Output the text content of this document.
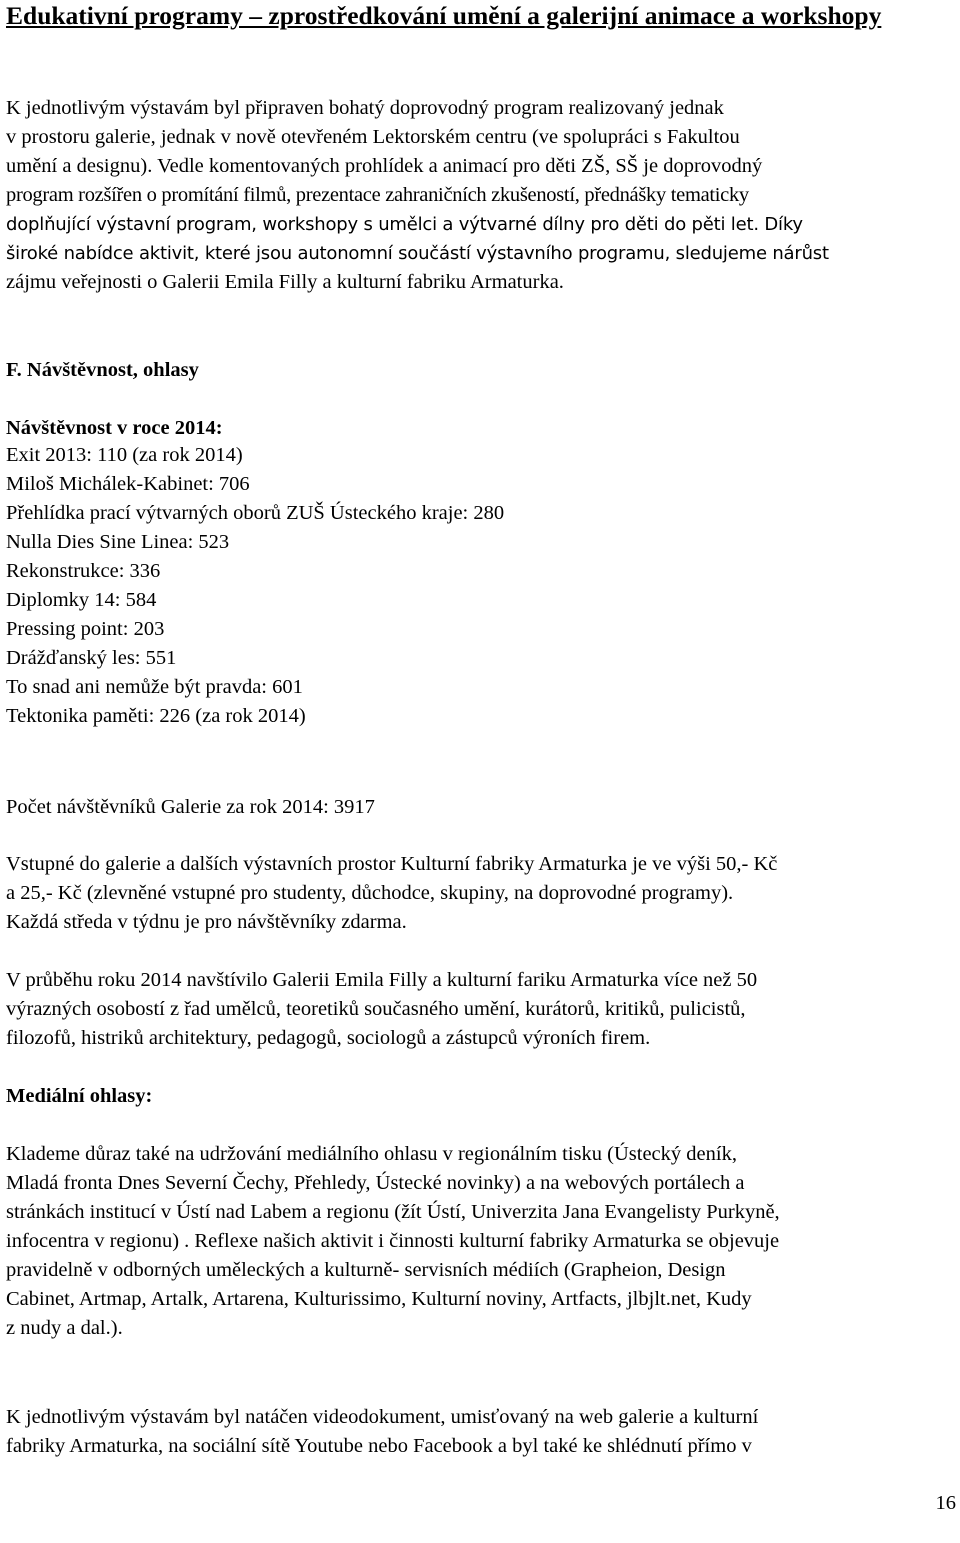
Edukativní programy – zprostředkování umění a galerijní animace a workshopy
K jednotlivým výstavám byl připraven bohatý doprovodný program realizovaný jednak
v prostoru galerie, jednak v nově otevřeném Lektorském centru (ve spolupráci s Fakultou
umění a designu). Vedle komentovaných prohlídek a animací pro děti ZŠ, SŠ je doprovodný
program rozšířen o promítání filmů, prezentace zahraničních zkušeností, přednášky tematicky
doplňující výstavní program, workshopy s umělci a výtvarné dílny pro děti do pěti let. Díky
široké nabídce aktivit, které jsou autonomní součástí výstavního programu, sledujeme nárůst
zájmu veřejnosti o Galerii Emila Filly a kulturní fabriku Armaturka.
F. Návštěvnost, ohlasy
Návštěvnost v roce 2014:
Exit 2013: 110 (za rok 2014)
Miloš Michálek-Kabinet: 706
Přehlídka prací výtvarných oborů ZUŠ Ústeckého kraje: 280
Nulla Dies Sine Linea: 523
Rekonstrukce: 336
Diplomky 14: 584
Pressing point: 203
Drážďanský les: 551
To snad ani nemůže být pravda: 601
Tektonika paměti: 226 (za rok 2014)
Počet návštěvníků Galerie za rok 2014: 3917
Vstupné do galerie a dalších výstavních prostor Kulturní fabriky Armaturka je ve výši 50,- Kč
a 25,- Kč (zlevněné vstupné pro studenty, důchodce, skupiny, na doprovodné programy).
Každá středa v týdnu je pro návštěvníky zdarma.
V průběhu roku 2014 navštívilo Galerii Emila Filly a kulturní fariku Armaturka více než 50
výrazných osobostí z řad umělců, teoretiků současného umění, kurátorů, kritiků, pulicistů,
filozofů, histriků architektury, pedagogů, sociologů a zástupců výroních firem.
Mediální ohlasy:
Klademe důraz také na udržování mediálního ohlasu v regionálním tisku (Ústecký deník,
Mladá fronta Dnes Severní Čechy, Přehledy, Ústecké novinky) a na webových portálech a
stránkách institucí v Ústí nad Labem a regionu (žít Ústí, Univerzita Jana Evangelisty Purkyně,
infocentra v regionu) . Reflexe našich aktivit i činnosti kulturní fabriky Armaturka se objevuje
pravidelně v odborných uměleckých a kulturně- servisních médiích (Grapheion, Design
Cabinet, Artmap, Artalk, Artarena, Kulturissimo, Kulturní noviny, Artfacts, jlbjlt.net, Kudy
z nudy a dal.).
K jednotlivým výstavám byl natáčen videodokument, umisťovaný na web galerie a kulturní
fabriky Armaturka, na sociální sítě Youtube nebo Facebook a byl také ke shlédnutí přímo v
16
